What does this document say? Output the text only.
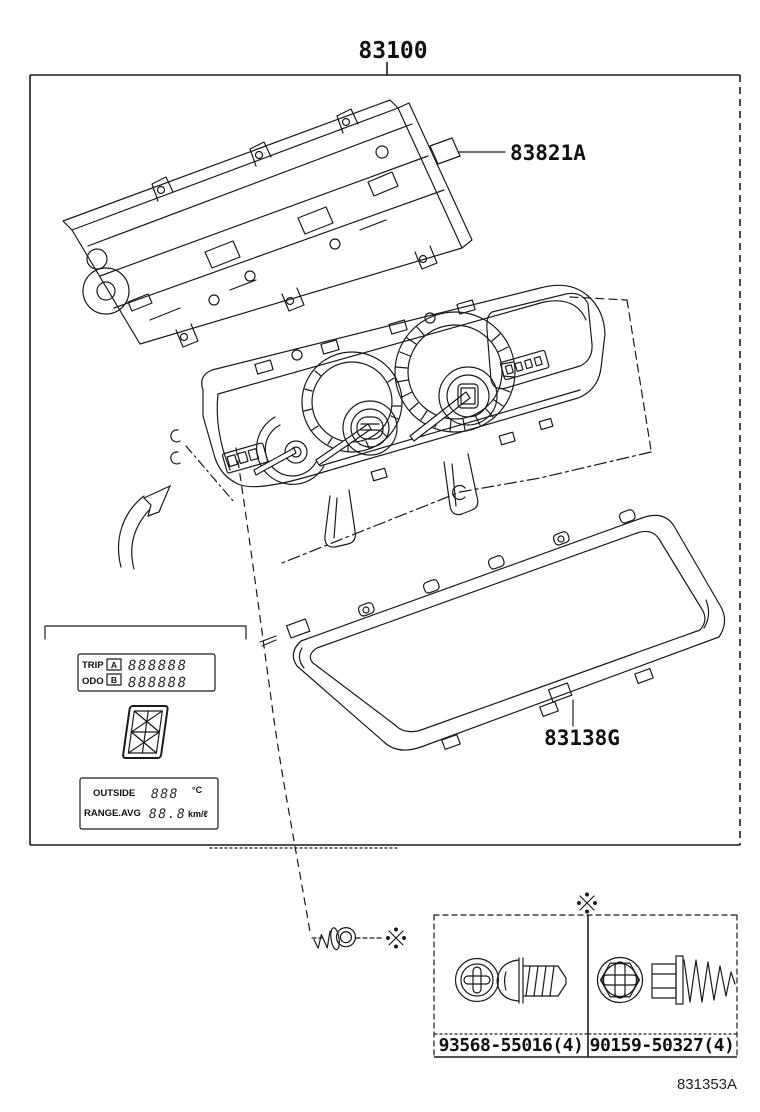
83100
83821A
83138G
TRIP A 888888
ODO B 888888
OUTSIDE 888 °C
RANGE.AVG 88.8 km/ℓ
93568-55016(4) 90159-50327(4)
831353A
